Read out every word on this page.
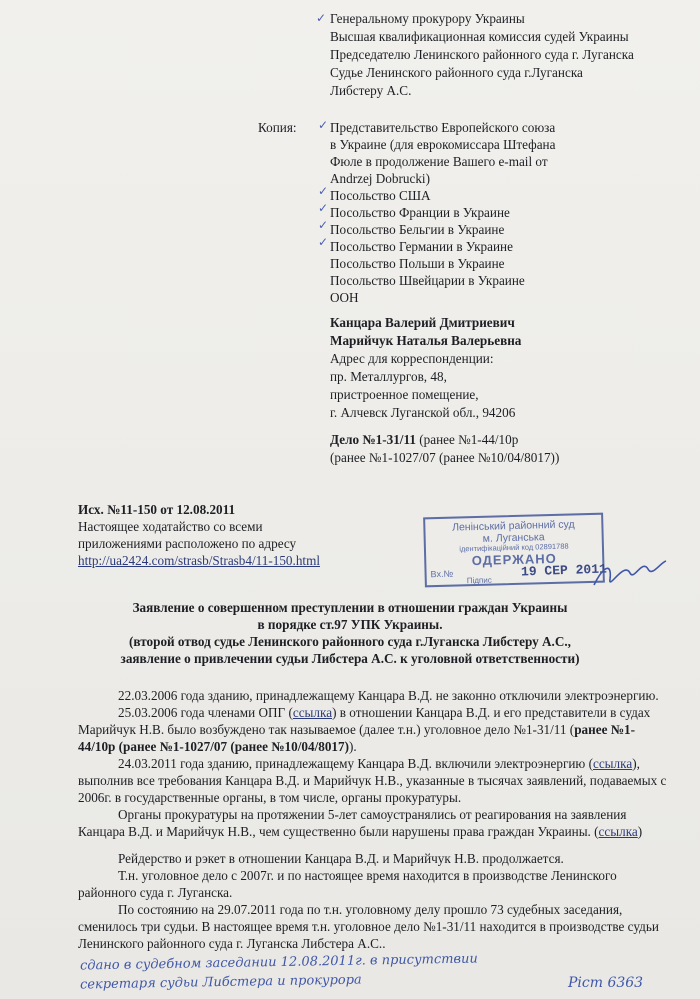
✓
✓
✓
✓
✓
✓
Генеральному прокурору Украины
Высшая квалификационная комиссия судей Украины
Председателю Ленинского районного суда г. Луганска
Судье Ленинского районного суда г.Луганска
Либстеру А.С.
Копия:	Представительство Европейского союза
в Украине (для еврокомиссара Штефана
Фюле в продолжение Вашего e-mail от
Andrzej Dobrucki)
Посольство США
Посольство Франции в Украине
Посольство Бельгии в Украине
Посольство Германии в Украине
Посольство Польши в Украине
Посольство Швейцарии в Украине
ООН
Канцара Валерий Дмитриевич
Марийчук Наталья Валерьевна
Адрес для корреспонденции:
пр. Металлургов, 48,
пристроенное помещение,
г. Алчевск Луганской обл., 94206
Дело №1-31/11 (ранее №1-44/10р
(ранее №1-1027/07 (ранее №10/04/8017))
Исх. №11-150 от 12.08.2011
Настоящее ходатайство со всеми
приложениями расположено по адресу
http://ua2424.com/strasb/Strasb4/11-150.html
Ленінський районний суд
м. Луганська
ідентифікаційний код 02891788
ОДЕРЖАНО
Вх.№
Підпис
19 СЕР 2011
Заявление о совершенном преступлении в отношении граждан Украины
в порядке ст.97 УПК Украины.
(второй отвод судье Ленинского районного суда г.Луганска Либстеру А.С.,
заявление о привлечении судьи Либстера А.С. к уголовной ответственности)
22.03.2006 года зданию, принадлежащему Канцара В.Д. не законно отключили электроэнергию.
25.03.2006 года членами ОПГ (ссылка) в отношении Канцара В.Д. и его представители в судах
Марийчук Н.В. было возбуждено так называемое (далее т.н.) уголовное дело №1-31/11 (ранее №1-
44/10р (ранее №1-1027/07 (ранее №10/04/8017)).
24.03.2011 года зданию, принадлежащему Канцара В.Д. включили электроэнергию (ссылка),
выполнив все требования Канцара В.Д. и Марийчук Н.В., указанные в тысячах заявлений, подаваемых с
2006г. в государственные органы, в том числе, органы прокуратуры.
Органы прокуратуры на протяжении 5-лет самоустранялись от реагирования на заявления
Канцара В.Д. и Марийчук Н.В., чем существенно были нарушены права граждан Украины. (ссылка)
Рейдерство и рэкет в отношении Канцара В.Д. и Марийчук Н.В. продолжается.
Т.н. уголовное дело с 2007г. и по настоящее время находится в производстве Ленинского
районного суда г. Луганска.
По состоянию на 29.07.2011 года по т.н. уголовному делу прошло 73 судебных заседания,
сменилось три судьи. В настоящее время т.н. уголовное дело №1-31/11 находится в производстве судьи
Ленинского районного суда г. Луганска Либстера А.С..
сдано в судебном заседании 12.08.2011г. в присутствии
секретаря судьи Либстера и прокурора	Рiст 6363
